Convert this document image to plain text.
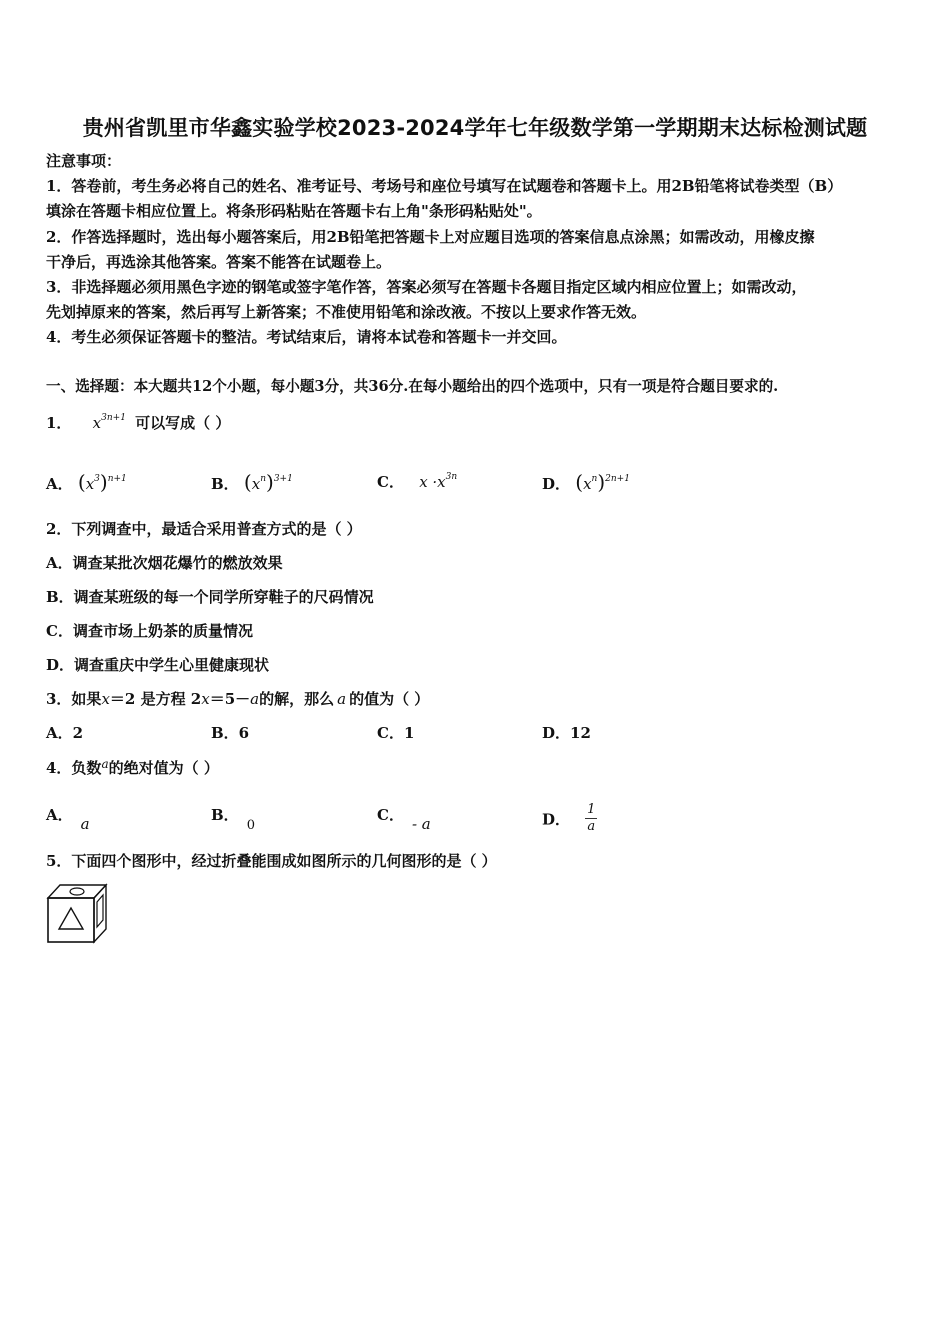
贵州省凯里市华鑫实验学校2023-2024学年七年级数学第一学期期末达标检测试题
注意事项：
1．答卷前，考生务必将自己的姓名、准考证号、考场号和座位号填写在试题卷和答题卡上。用2B铅笔将试卷类型（B）
填涂在答题卡相应位置上。将条形码粘贴在答题卡右上角"条形码粘贴处"。
2．作答选择题时，选出每小题答案后，用2B铅笔把答题卡上对应题目选项的答案信息点涂黑；如需改动，用橡皮擦
干净后，再选涂其他答案。答案不能答在试题卷上。
3．非选择题必须用黑色字迹的钢笔或签字笔作答，答案必须写在答题卡各题目指定区域内相应位置上；如需改动，
先划掉原来的答案，然后再写上新答案；不准使用铅笔和涂改液。不按以上要求作答无效。
4．考生必须保证答题卡的整洁。考试结束后，请将本试卷和答题卡一并交回。
一、选择题：本大题共12个小题，每小题3分，共36分.在每小题给出的四个选项中，只有一项是符合题目要求的.
1． $x^{3n+1}$ 可以写成（ ）
A． $(x^3)^{n+1}$	B． $(x^n)^{3+1}$	C． $x \cdot x^{3n}$	D． $(x^n)^{2n+1}$
2．下列调查中，最适合采用普查方式的是（ ）
A．调查某批次烟花爆竹的燃放效果
B．调查某班级的每一个同学所穿鞋子的尺码情况
C．调查市场上奶茶的质量情况
D．调查重庆中学生心里健康现状
3．如果x＝2 是方程 2x＝5－a的解，那么 a 的值为（ ）
A．2	B．6	C．1	D．12
4．负数$^a$的绝对值为（ ）
A． a	B．0
C． - a	D． $\frac{1}{a}$
5．下面四个图形中，经过折叠能围成如图所示的几何图形的是（ ）
